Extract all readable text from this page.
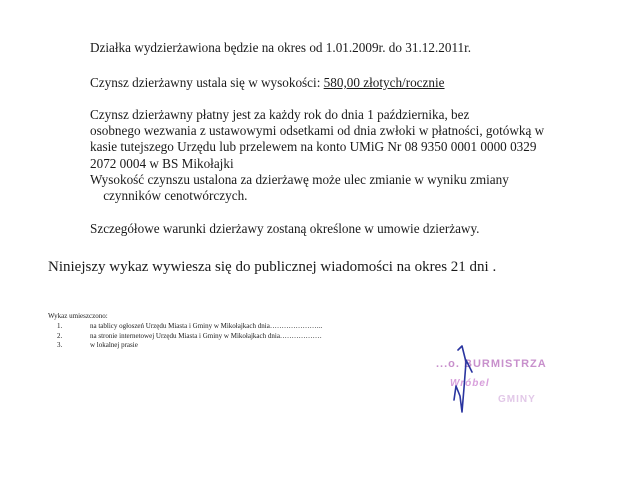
Działka wydzierżawiona będzie na okres od 1.01.2009r. do 31.12.2011r.

Czynsz dzierżawny ustala się w wysokości: 580,00 złotych/rocznie

Czynsz dzierżawny płatny jest za każdy rok do dnia 1 października, bez
osobnego wezwania z ustawowymi odsetkami od dnia zwłoki w płatności, gotówką w
kasie tutejszego Urzędu lub przelewem na konto UMiG Nr 08 9350 0001 0000 0329
2072 0004 w BS Mikołajki
Wysokość czynszu ustalona za dzierżawę może ulec zmianie w wyniku zmiany
czynników cenotwórczych.

Szczegółowe warunki dzierżawy zostaną określone w umowie dzierżawy.

Niniejszy wykaz wywiesza się do publicznej wiadomości na okres 21 dni .

Wykaz umieszczono:

1. na tablicy ogłoszeń Urzędu Miasta i Gminy w Mikołajkach dnia…………………..
2. na stronie internetowej Urzędu Miasta i Gminy w Mikołajkach dnia………………
3. w lokalnej prasie
...o. BURMISTRZA
Wróbel
GMINY
